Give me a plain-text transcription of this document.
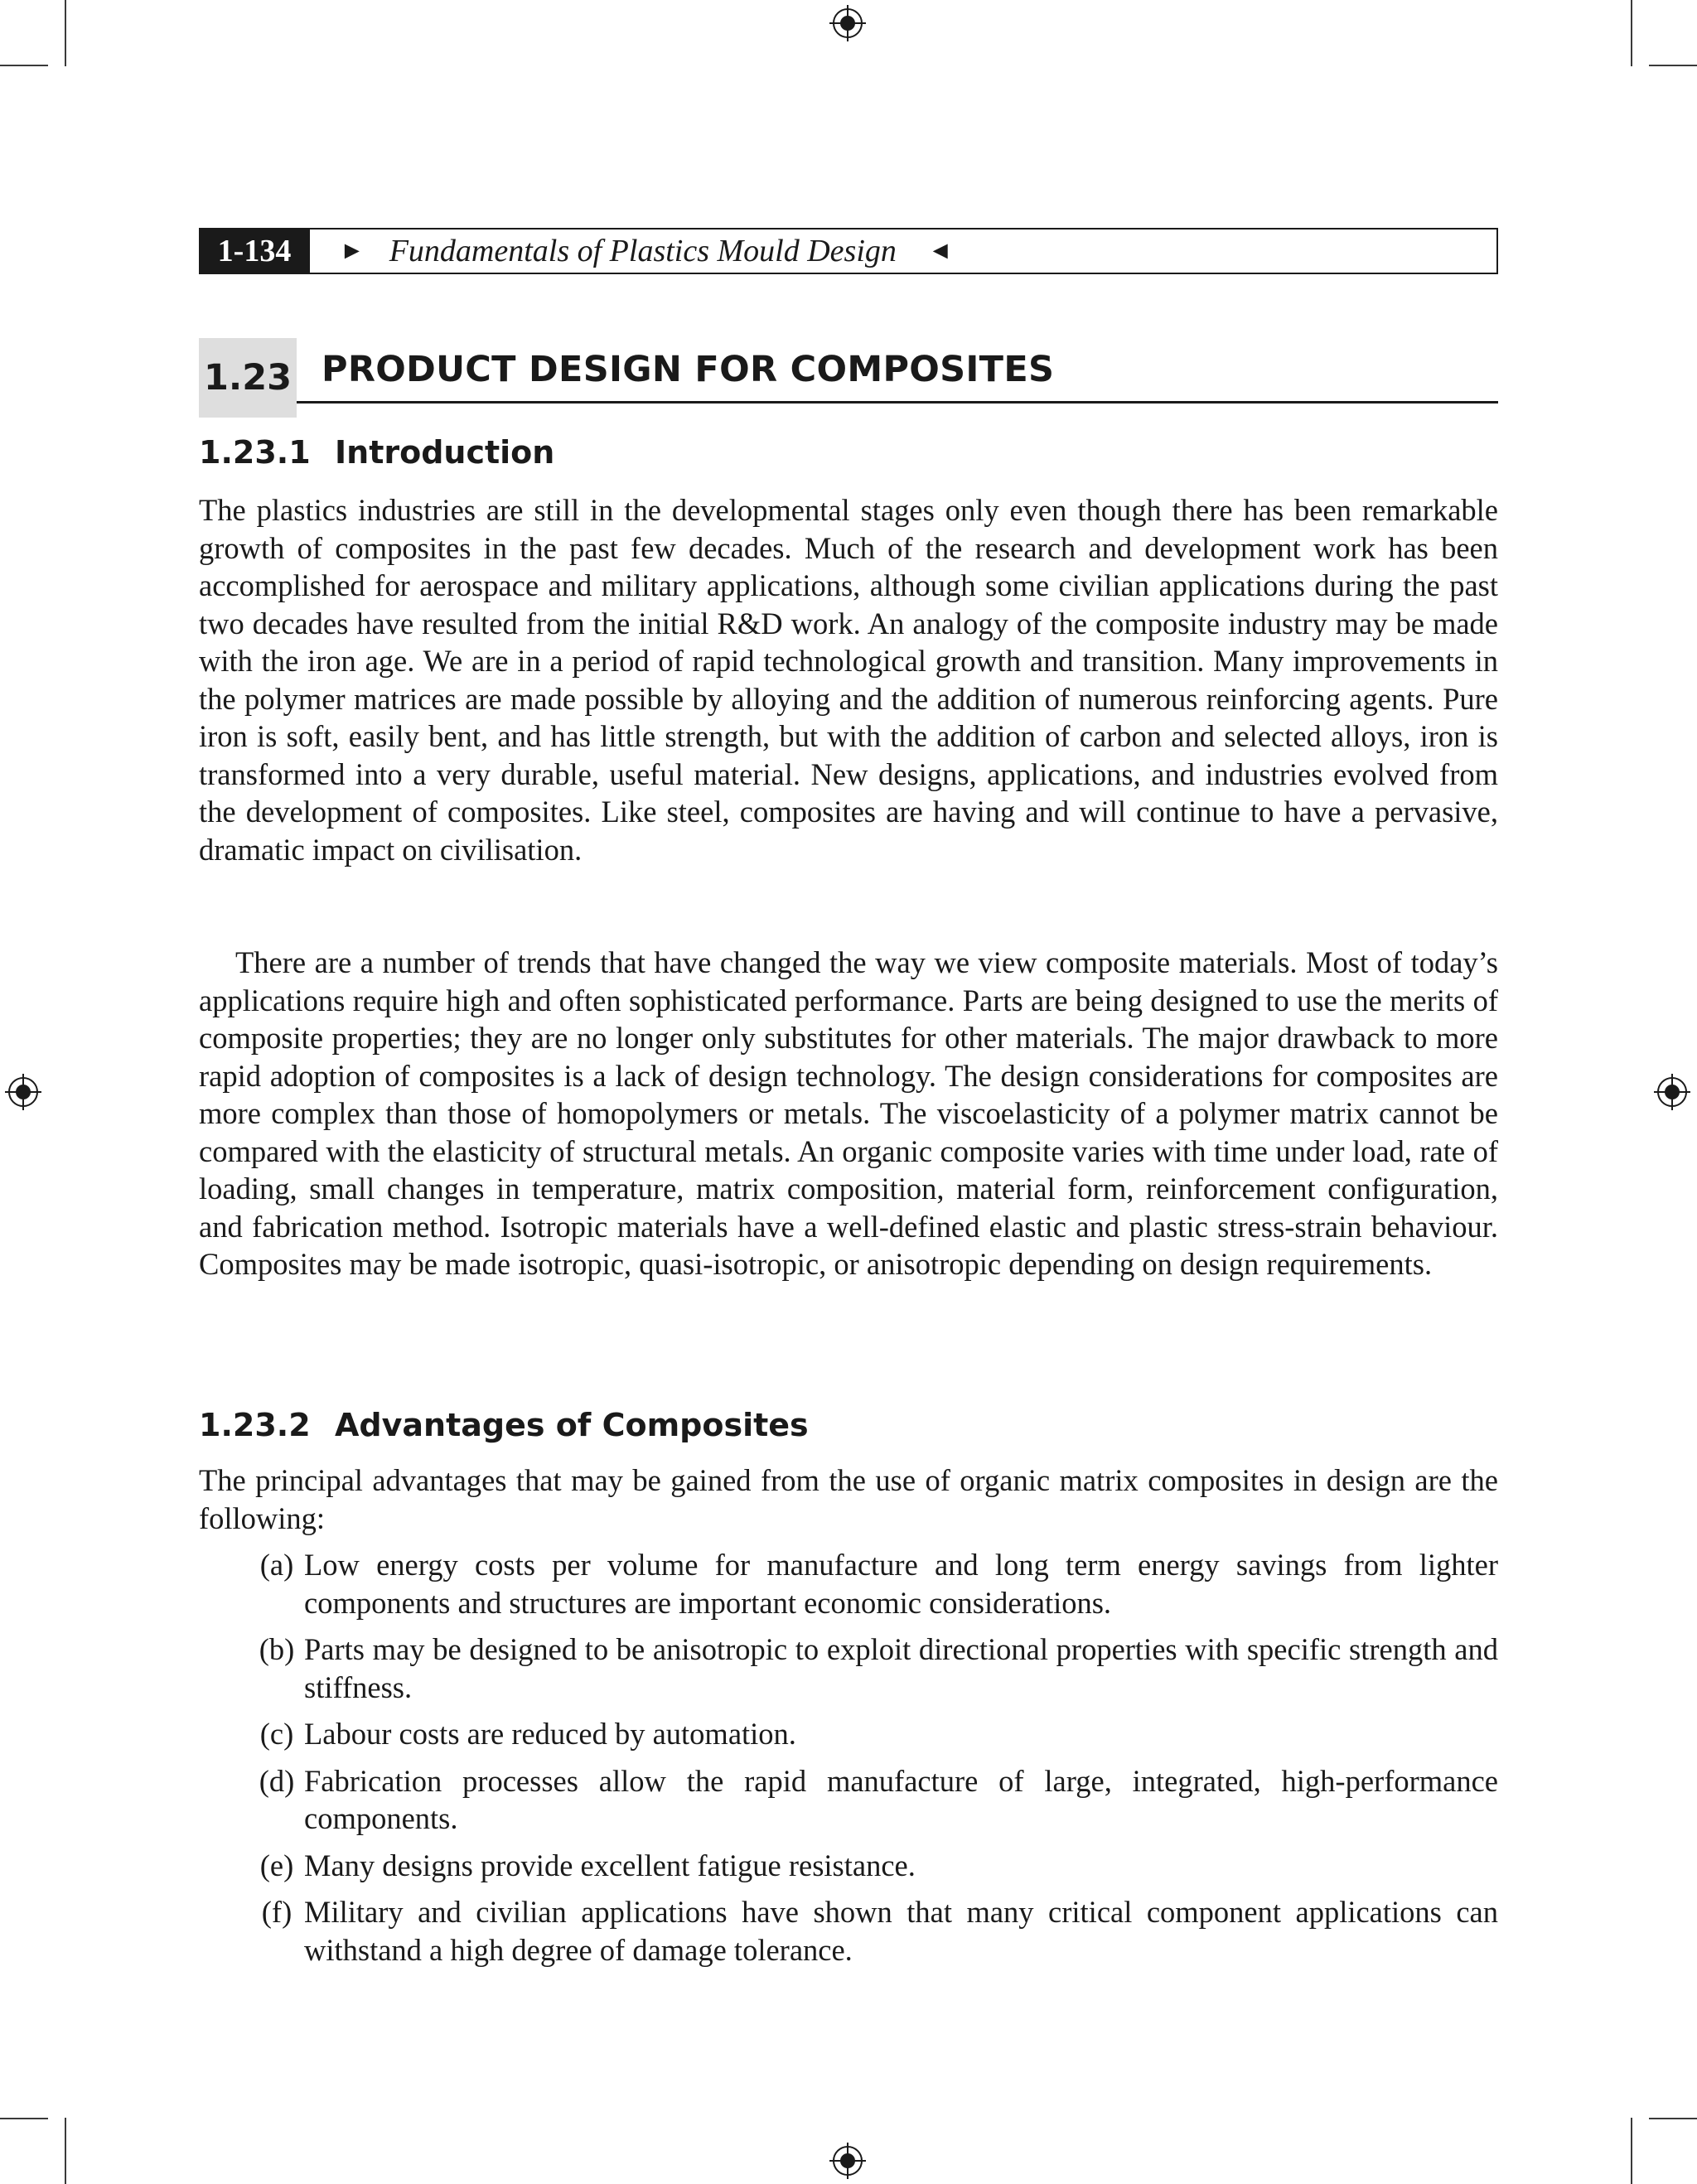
1-134	► Fundamentals of Plastics Mould Design ◄
1.23 PRODUCT DESIGN FOR COMPOSITES
1.23.1 Introduction

The plastics industries are still in the developmental stages only even though there has been remarkable growth of composites in the past few decades. Much of the research and development work has been accomplished for aerospace and military applications, although some civilian applications during the past two decades have resulted from the initial R&D work. An analogy of the composite industry may be made with the iron age. We are in a period of rapid technological growth and transition. Many improvements in the polymer matrices are made possible by alloying and the addition of numerous reinforcing agents. Pure iron is soft, easily bent, and has little strength, but with the addition of carbon and selected alloys, iron is transformed into a very durable, useful material. New designs, applications, and industries evolved from the development of composites. Like steel, composites are having and will continue to have a pervasive, dramatic impact on civilisation.

There are a number of trends that have changed the way we view composite materials. Most of today’s applications require high and often sophisticated performance. Parts are being designed to use the merits of composite properties; they are no longer only substitutes for other materials. The major drawback to more rapid adoption of composites is a lack of design technology. The design considerations for composites are more complex than those of homopolymers or metals. The viscoelasticity of a polymer matrix cannot be compared with the elasticity of structural metals. An organic composite varies with time under load, rate of loading, small changes in temperature, matrix composition, material form, reinforcement configuration, and fabrication method. Isotropic materials have a well-defined elastic and plastic stress-strain behaviour. Composites may be made isotropic, quasi-isotropic, or anisotropic depending on design requirements.

1.23.2 Advantages of Composites

The principal advantages that may be gained from the use of organic matrix composites in design are the following:

(a) Low energy costs per volume for manufacture and long term energy savings from lighter components and structures are important economic considerations.
(b) Parts may be designed to be anisotropic to exploit directional properties with specific strength and stiffness.
(c) Labour costs are reduced by automation.
(d) Fabrication processes allow the rapid manufacture of large, integrated, high-performance components.
(e) Many designs provide excellent fatigue resistance.
(f) Military and civilian applications have shown that many critical component applications can withstand a high degree of damage tolerance.
